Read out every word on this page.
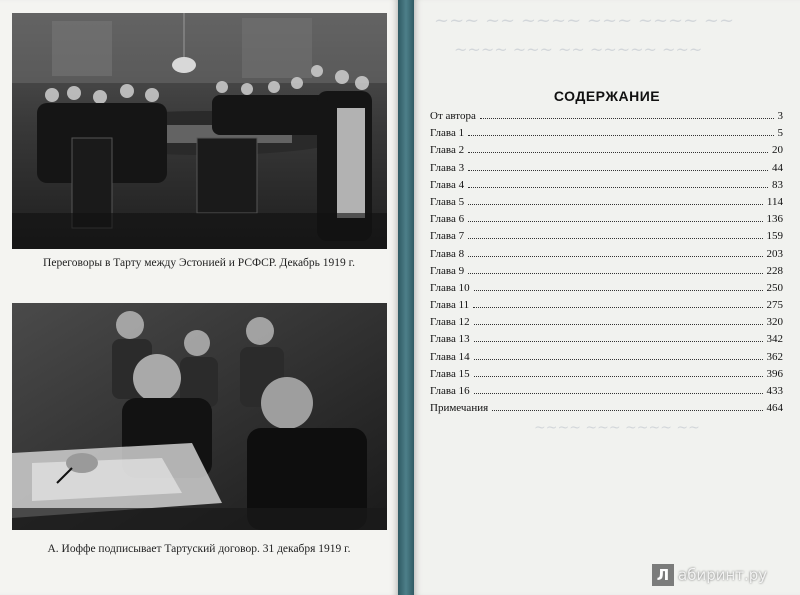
Переговоры в Тарту между Эстонией и РСФСР. Декабрь 1919 г.
А. Иоффе подписывает Тартуский договор. 31 декабря 1919 г.
~~~ ~~ ~~~~ ~~~ ~~~~ ~~
~~~~ ~~~ ~~ ~~~~~ ~~~
~~~~ ~~~ ~~~~ ~~
СОДЕРЖАНИЕ
От автора	3
Глава 1	5
Глава 2	20
Глава 3	44
Глава 4	83
Глава 5	114
Глава 6	136
Глава 7	159
Глава 8	203
Глава 9	228
Глава 10	250
Глава 11	275
Глава 12	320
Глава 13	342
Глава 14	362
Глава 15	396
Глава 16	433
Примечания	464
Л абиринт.ру
